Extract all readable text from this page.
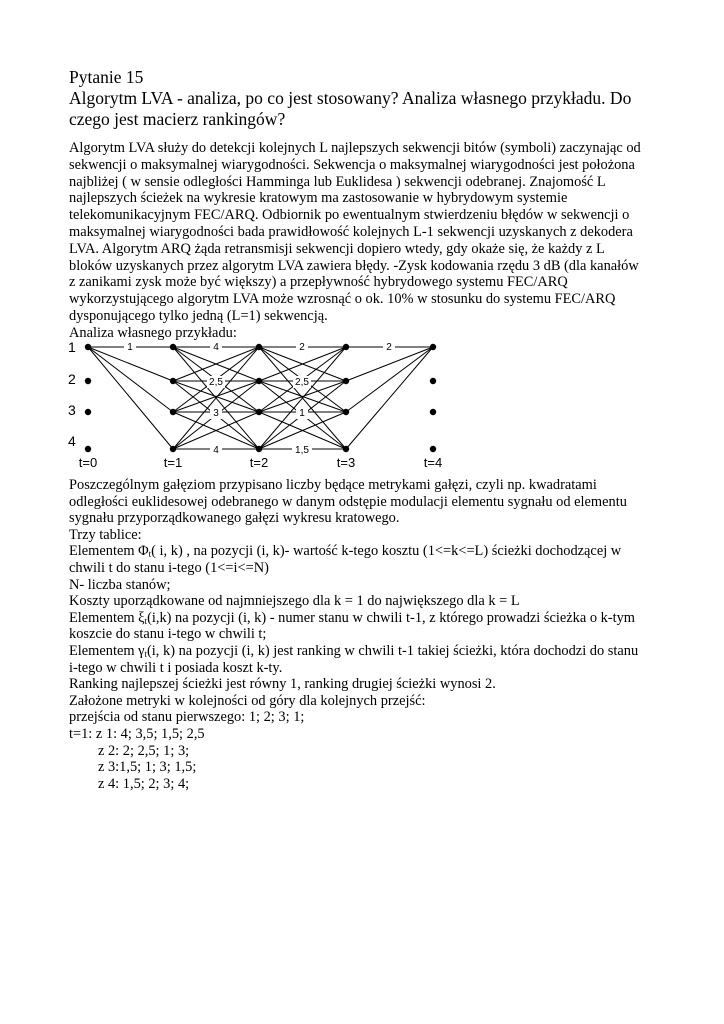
Pytanie 15
Algorytm LVA - analiza, po co jest stosowany? Analiza własnego przykładu. Do
czego jest macierz rankingów?
Algorytm LVA służy do detekcji kolejnych L najlepszych sekwencji bitów (symboli) zaczynając od
sekwencji o maksymalnej wiarygodności. Sekwencja o maksymalnej wiarygodności jest położona
najbliżej ( w sensie odległości Hamminga lub Euklidesa ) sekwencji odebranej. Znajomość L
najlepszych ścieżek na wykresie kratowym ma zastosowanie w hybrydowym systemie
telekomunikacyjnym FEC/ARQ. Odbiornik po ewentualnym stwierdzeniu błędów w sekwencji o
maksymalnej wiarygodności bada prawidłowość kolejnych L-1 sekwencji uzyskanych z dekodera
LVA. Algorytm ARQ żąda retransmisji sekwencji dopiero wtedy, gdy okaże się, że każdy z L
bloków uzyskanych przez algorytm LVA zawiera błędy. -Zysk kodowania rzędu 3 dB (dla kanałów
z zanikami zysk może być większy) a przepływność hybrydowego systemu FEC/ARQ
wykorzystującego algorytm LVA może wzrosnąć o ok. 10% w stosunku do systemu FEC/ARQ
dysponującego tylko jedną (L=1) sekwencją.
Analiza własnego przykładu:
1
2
3
4
1	4	2	2
2,5	2,5
3	1
4	1,5
t=0	t=1	t=2	t=3	t=4
Poszczególnym gałęziom przypisano liczby będące metrykami gałęzi, czyli np. kwadratami
odległości euklidesowej odebranego w danym odstępie modulacji elementu sygnału od elementu
sygnału przyporządkowanego gałęzi wykresu kratowego.
Trzy tablice:
Elementem $\Phi_t$( i, k) , na pozycji (i, k)- wartość k-tego kosztu (1<=k<=L) ścieżki dochodzącej w
chwili t do stanu i-tego (1<=i<=N)
N- liczba stanów;
Koszty uporządkowane od najmniejszego dla k = 1 do największego dla k = L
Elementem $\xi_t(i,k)$ na pozycji (i, k) - numer stanu w chwili t-1, z którego prowadzi ścieżka o k-tym
koszcie do stanu i-tego w chwili t;
Elementem $\gamma_t(i$, k) na pozycji (i, k) jest ranking w chwili t-1 takiej ścieżki, która dochodzi do stanu
i-tego w chwili t i posiada koszt k-ty.
Ranking najlepszej ścieżki jest równy 1, ranking drugiej ścieżki wynosi 2.
Założone metryki w kolejności od góry dla kolejnych przejść:
przejścia od stanu pierwszego: 1; 2; 3; 1;
t=1: z 1: 4; 3,5; 1,5; 2,5
z 2: 2; 2,5; 1; 3;
z 3:1,5; 1; 3; 1,5;
z 4: 1,5; 2; 3; 4;
